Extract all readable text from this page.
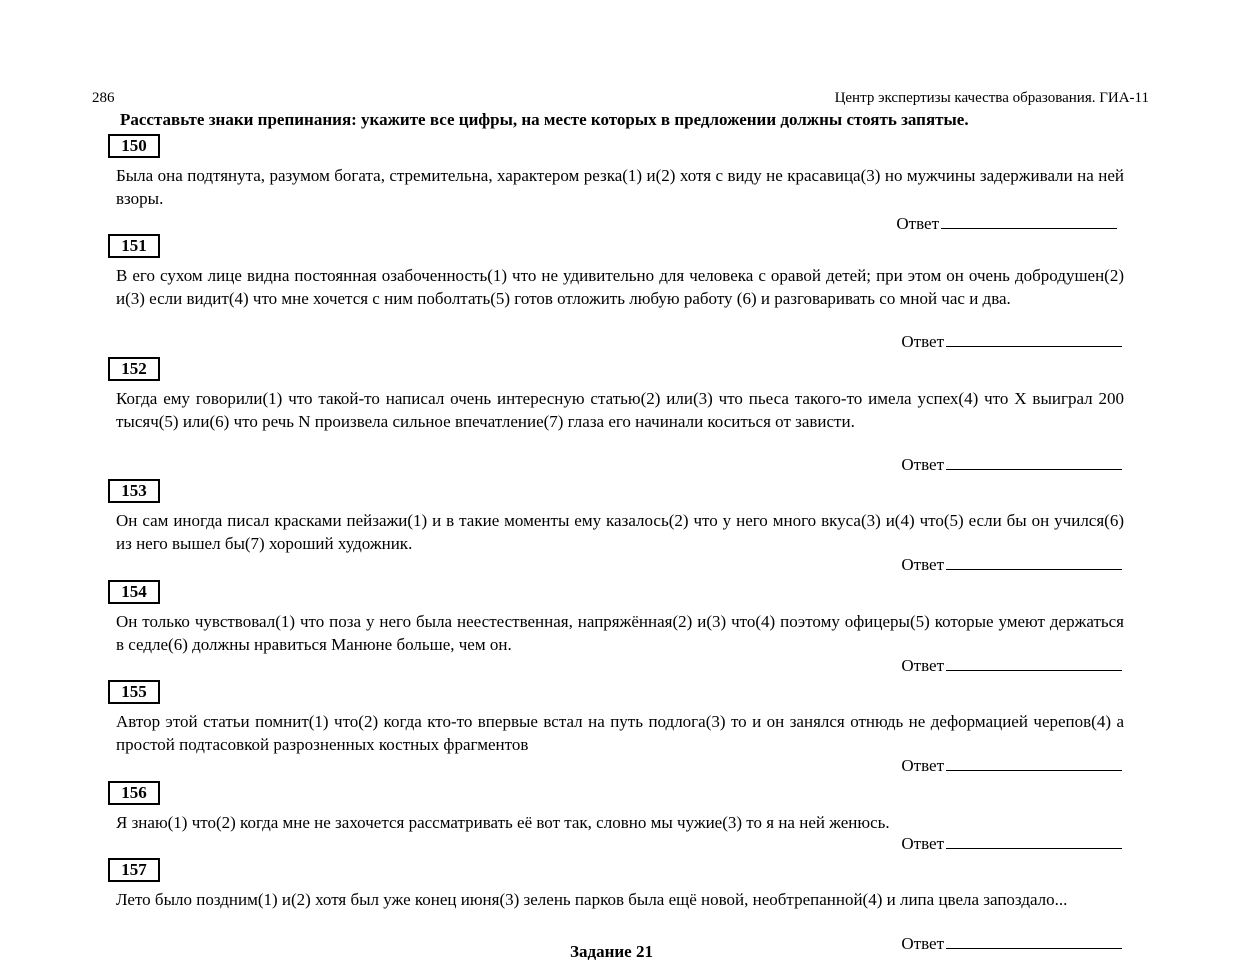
286	Центр экспертизы качества образования. ГИА-11
Расставьте знаки препинания: укажите все цифры, на месте которых в предложении должны стоять запятые.
150
Была она подтянута, разумом богата, стремительна, характером резка(1) и(2) хотя с виду не красавица(3) но мужчины задерживали на ней взоры.
Ответ
151
В его сухом лице видна постоянная озабоченность(1) что не удивительно для человека с оравой детей; при этом он очень добродушен(2) и(3) если видит(4) что мне хочется с ним поболтать(5) готов отложить любую работу (6) и разговаривать со мной час и два.
Ответ
152
Когда ему говорили(1) что такой-то написал очень интересную статью(2) или(3) что пьеса такого-то имела успех(4) что X выиграл 200 тысяч(5) или(6) что речь N произвела сильное впечатление(7) глаза его начинали коситься от зависти.
Ответ
153
Он сам иногда писал красками пейзажи(1) и в такие моменты ему казалось(2) что у него много вкуса(3) и(4) что(5) если бы он учился(6) из него вышел бы(7) хороший художник.
Ответ
154
Он только чувствовал(1) что поза у него была неестественная, напряжённая(2) и(3) что(4) поэтому офицеры(5) которые умеют держаться в седле(6) должны нравиться Манюне больше, чем он.
Ответ
155
Автор этой статьи помнит(1) что(2) когда кто-то впервые встал на путь подлога(3) то и он занялся отнюдь не деформацией черепов(4) а простой подтасовкой разрозненных костных фрагментов
Ответ
156
Я знаю(1) что(2) когда мне не захочется рассматривать её вот так, словно мы чужие(3) то я на ней женюсь.
Ответ
157
Лето было поздним(1) и(2) хотя был уже конец июня(3) зелень парков была ещё новой, необтрепанной(4) и липа цвела запоздало...
Ответ
Задание 21
